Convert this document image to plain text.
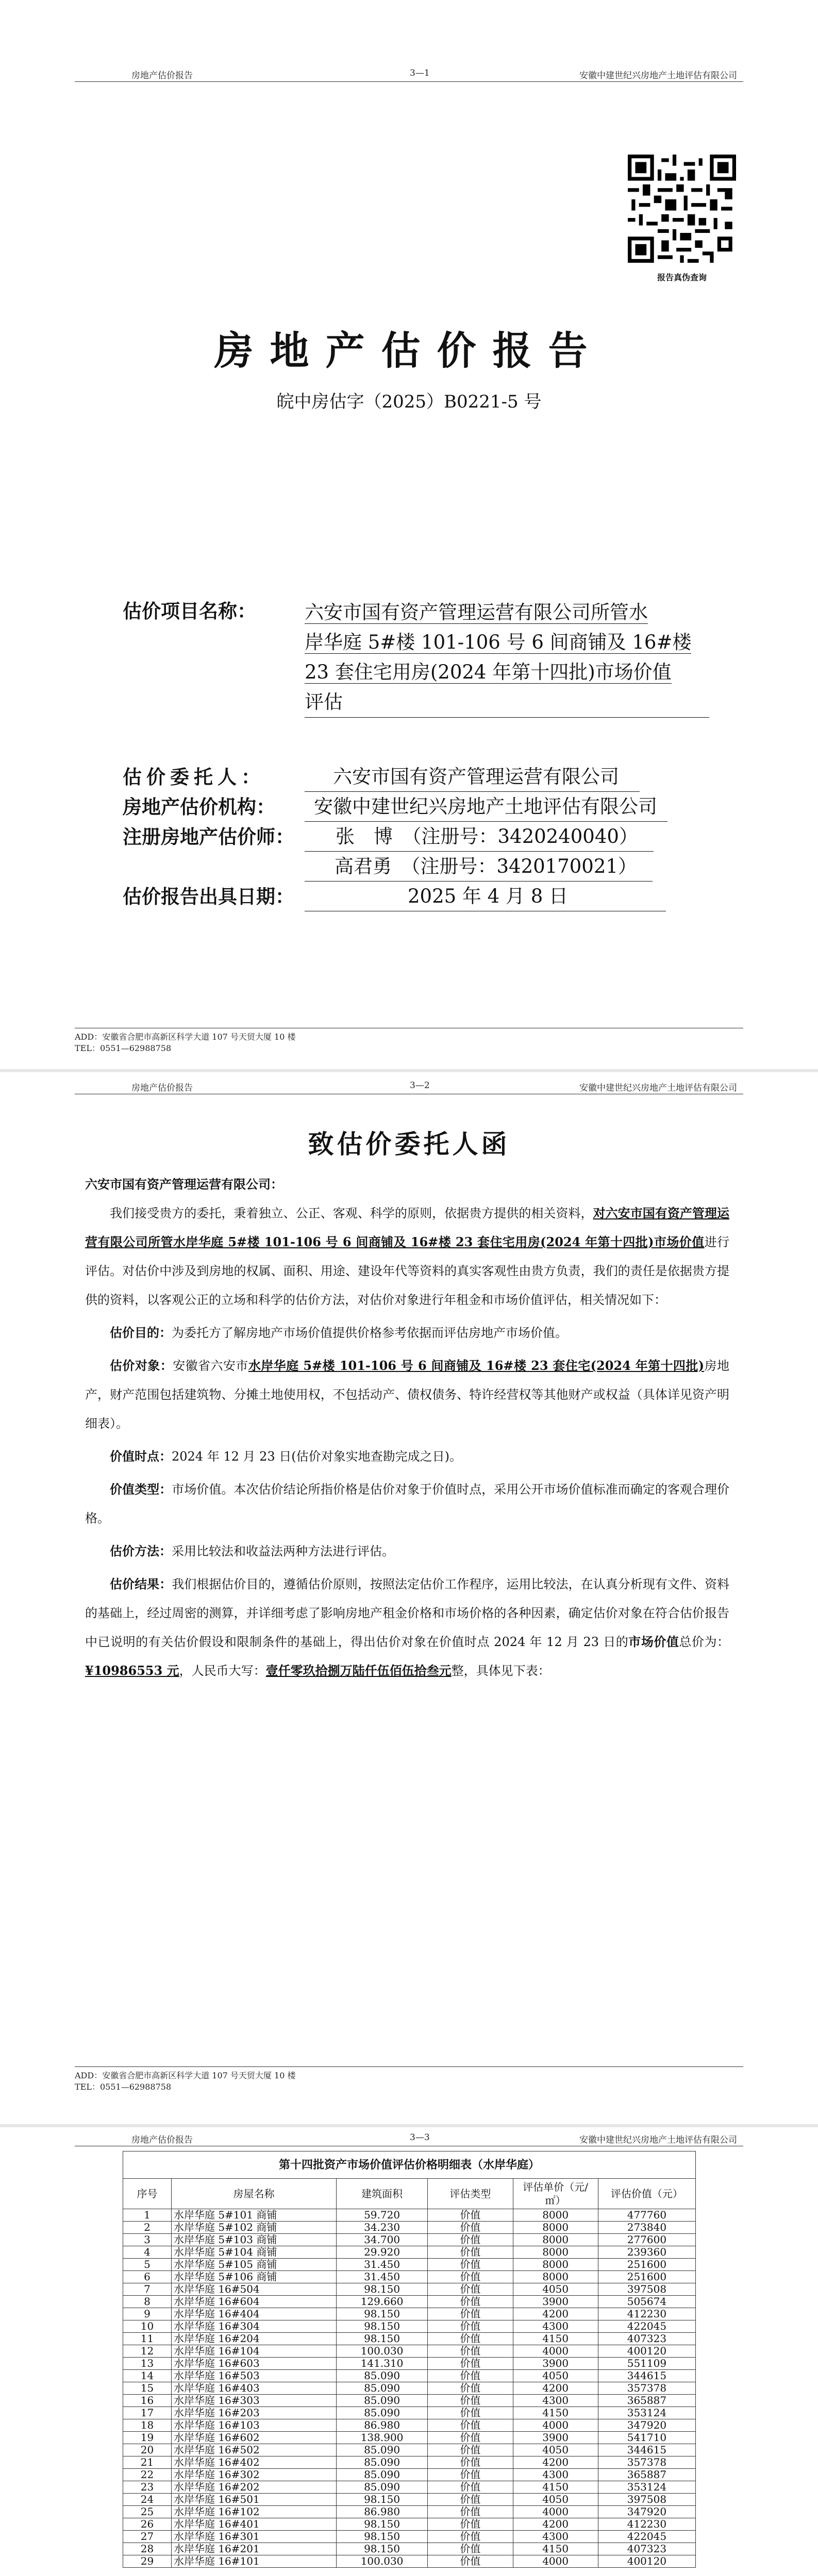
房地产估价报告	3—1	安徽中建世纪兴房地产土地评估有限公司
报告真伪查询
房地产估价报告
皖中房估字（2025）B0221-5 号
估价项目名称：	六安市国有资产管理运营有限公司所管水
岸华庭 5#楼 101-106 号 6 间商铺及 16#楼
23 套住宅用房(2024 年第十四批)市场价值
评估
估价委托人：	六安市国有资产管理运营有限公司
房地产估价机构：	安徽中建世纪兴房地产土地评估有限公司
注册房地产估价师：	张　博　（注册号：3420240040）
高君勇　（注册号：3420170021）
估价报告出具日期：	2025 年 4 月 8 日
ADD：安徽省合肥市高新区科学大道 107 号天贸大厦 10 楼
TEL：0551—62988758
房地产估价报告	3—2	安徽中建世纪兴房地产土地评估有限公司
致估价委托人函

六安市国有资产管理运营有限公司：

我们接受贵方的委托，秉着独立、公正、客观、科学的原则，依据贵方提供的相关资料，对六安市国有资产管理运营有限公司所管水岸华庭 5#楼 101-106 号 6 间商铺及 16#楼 23 套住宅用房(2024 年第十四批)市场价值进行评估。对估价中涉及到房地的权属、面积、用途、建设年代等资料的真实客观性由贵方负责，我们的责任是依据贵方提供的资料，以客观公正的立场和科学的估价方法，对估价对象进行年租金和市场价值评估，相关情况如下：

估价目的：为委托方了解房地产市场价值提供价格参考依据而评估房地产市场价值。

估价对象：安徽省六安市水岸华庭 5#楼 101-106 号 6 间商铺及 16#楼 23 套住宅(2024 年第十四批)房地产，财产范围包括建筑物、分摊土地使用权，不包括动产、债权债务、特许经营权等其他财产或权益（具体详见资产明细表）。

价值时点：2024 年 12 月 23 日(估价对象实地查勘完成之日)。

价值类型：市场价值。本次估价结论所指价格是估价对象于价值时点，采用公开市场价值标准而确定的客观合理价格。

估价方法：采用比较法和收益法两种方法进行评估。

估价结果：我们根据估价目的，遵循估价原则，按照法定估价工作程序，运用比较法，在认真分析现有文件、资料的基础上，经过周密的测算，并详细考虑了影响房地产租金价格和市场价格的各种因素，确定估价对象在符合估价报告中已说明的有关估价假设和限制条件的基础上，得出估价对象在价值时点 2024 年 12 月 23 日的市场价值总价为：¥10986553 元，人民币大写：壹仟零玖拾捌万陆仟伍佰伍拾叁元整，具体见下表：

ADD：安徽省合肥市高新区科学大道 107 号天贸大厦 10 楼
TEL：0551—62988758
房地产估价报告	3—3	安徽中建世纪兴房地产土地评估有限公司
第十四批资产市场价值评估价格明细表（水岸华庭）					
序号	房屋名称	建筑面积	评估类型	评估单价（元/㎡）	评估价值（元）
1	水岸华庭 5#101 商铺	59.720	价值	8000	477760
2	水岸华庭 5#102 商铺	34.230	价值	8000	273840
3	水岸华庭 5#103 商铺	34.700	价值	8000	277600
4	水岸华庭 5#104 商铺	29.920	价值	8000	239360
5	水岸华庭 5#105 商铺	31.450	价值	8000	251600
6	水岸华庭 5#106 商铺	31.450	价值	8000	251600
7	水岸华庭 16#504	98.150	价值	4050	397508
8	水岸华庭 16#604	129.660	价值	3900	505674
9	水岸华庭 16#404	98.150	价值	4200	412230
10	水岸华庭 16#304	98.150	价值	4300	422045
11	水岸华庭 16#204	98.150	价值	4150	407323
12	水岸华庭 16#104	100.030	价值	4000	400120
13	水岸华庭 16#603	141.310	价值	3900	551109
14	水岸华庭 16#503	85.090	价值	4050	344615
15	水岸华庭 16#403	85.090	价值	4200	357378
16	水岸华庭 16#303	85.090	价值	4300	365887
17	水岸华庭 16#203	85.090	价值	4150	353124
18	水岸华庭 16#103	86.980	价值	4000	347920
19	水岸华庭 16#602	138.900	价值	3900	541710
20	水岸华庭 16#502	85.090	价值	4050	344615
21	水岸华庭 16#402	85.090	价值	4200	357378
22	水岸华庭 16#302	85.090	价值	4300	365887
23	水岸华庭 16#202	85.090	价值	4150	353124
24	水岸华庭 16#501	98.150	价值	4050	397508
25	水岸华庭 16#102	86.980	价值	4000	347920
26	水岸华庭 16#401	98.150	价值	4200	412230
27	水岸华庭 16#301	98.150	价值	4300	422045
28	水岸华庭 16#201	98.150	价值	4150	407323
29	水岸华庭 16#101	100.030	价值	4000	400120
